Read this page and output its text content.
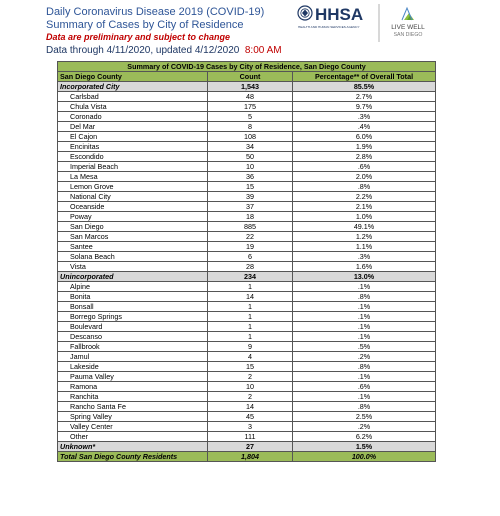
Daily Coronavirus Disease 2019 (COVID-19)
Summary of Cases by City of Residence
Data are preliminary and subject to change
Data through 4/11/2020, updated 4/12/2020 8:00 AM
HHSA
HEALTH AND HUMAN SERVICES AGENCY	LIVE WELL
SAN DIEGO
Summary of COVID-19 Cases by City of Residence, San Diego County		
San Diego County	Count	Percentage** of Overall Total
Incorporated City	1,543	85.5%
Carlsbad	48	2.7%
Chula Vista	175	9.7%
Coronado	5	.3%
Del Mar	8	.4%
El Cajon	108	6.0%
Encinitas	34	1.9%
Escondido	50	2.8%
Imperial Beach	10	.6%
La Mesa	36	2.0%
Lemon Grove	15	.8%
National City	39	2.2%
Oceanside	37	2.1%
Poway	18	1.0%
San Diego	885	49.1%
San Marcos	22	1.2%
Santee	19	1.1%
Solana Beach	6	.3%
Vista	28	1.6%
Unincorporated	234	13.0%
Alpine	1	.1%
Bonita	14	.8%
Bonsall	1	.1%
Borrego Springs	1	.1%
Boulevard	1	.1%
Descanso	1	.1%
Fallbrook	9	.5%
Jamul	4	.2%
Lakeside	15	.8%
Pauma Valley	2	.1%
Ramona	10	.6%
Ranchita	2	.1%
Rancho Santa Fe	14	.8%
Spring Valley	45	2.5%
Valley Center	3	.2%
Other	111	6.2%
Unknown*	27	1.5%
Total San Diego County Residents	1,804	100.0%
